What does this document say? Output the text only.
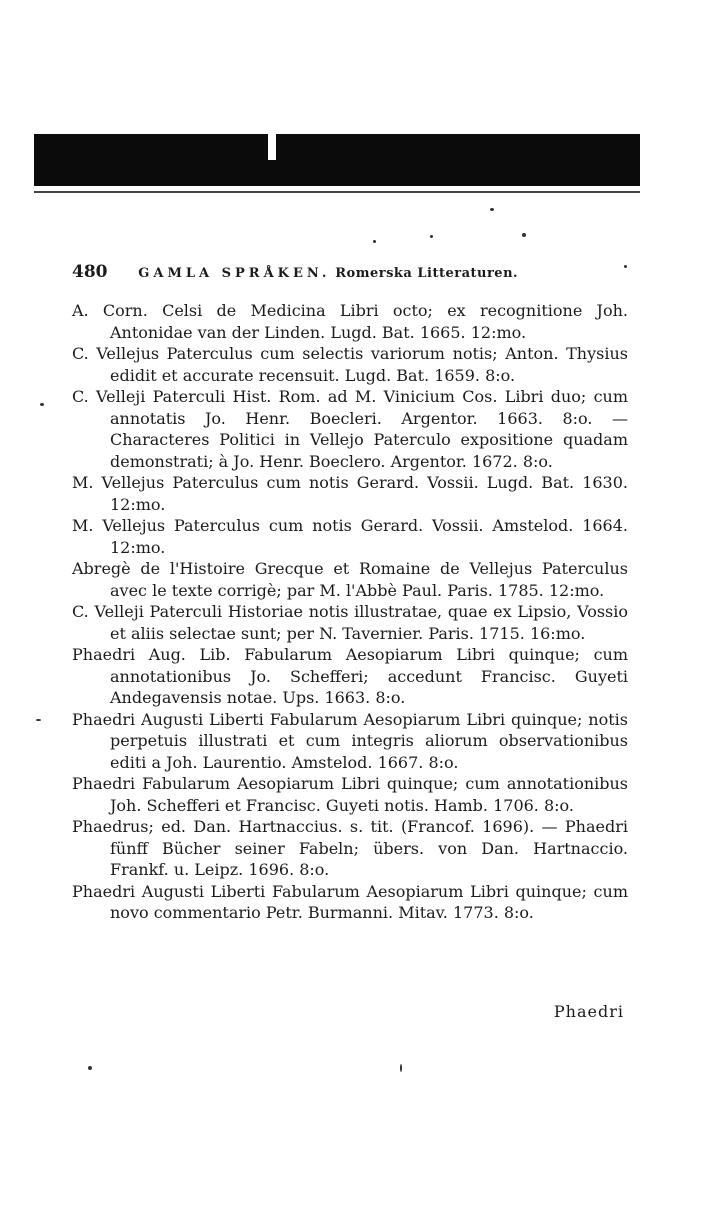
480 GAMLA SPRÅKEN. Romerska Litteraturen.

A. Corn. Celsi de Medicina Libri octo; ex recognitione Joh. Antonidae van der Linden. Lugd. Bat. 1665. 12:mo.

C. Vellejus Paterculus cum selectis variorum notis; Anton. Thysius edidit et accurate recensuit. Lugd. Bat. 1659. 8:o.

C. Velleji Paterculi Hist. Rom. ad M. Vinicium Cos. Libri duo; cum annotatis Jo. Henr. Boecleri. Argentor. 1663. 8:o. — Characteres Politici in Vellejo Paterculo expositione quadam demonstrati; à Jo. Henr. Boeclero. Argentor. 1672. 8:o.

M. Vellejus Paterculus cum notis Gerard. Vossii. Lugd. Bat. 1630. 12:mo.

M. Vellejus Paterculus cum notis Gerard. Vossii. Amstelod. 1664. 12:mo.

Abregè de l'Histoire Grecque et Romaine de Vellejus Paterculus avec le texte corrigè; par M. l'Abbè Paul. Paris. 1785. 12:mo.

C. Velleji Paterculi Historiae notis illustratae, quae ex Lipsio, Vossio et aliis selectae sunt; per N. Tavernier. Paris. 1715. 16:mo.

Phaedri Aug. Lib. Fabularum Aesopiarum Libri quinque; cum annotationibus Jo. Schefferi; accedunt Francisc. Guyeti Andegavensis notae. Ups. 1663. 8:o.

Phaedri Augusti Liberti Fabularum Aesopiarum Libri quinque; notis perpetuis illustrati et cum integris aliorum observationibus editi a Joh. Laurentio. Amstelod. 1667. 8:o.

Phaedri Fabularum Aesopiarum Libri quinque; cum annotationibus Joh. Schefferi et Francisc. Guyeti notis. Hamb. 1706. 8:o.

Phaedrus; ed. Dan. Hartnaccius. s. tit. (Francof. 1696). — Phaedri fünff Bücher seiner Fabeln; übers. von Dan. Hartnaccio. Frankf. u. Leipz. 1696. 8:o.

Phaedri Augusti Liberti Fabularum Aesopiarum Libri quinque; cum novo commentario Petr. Burmanni. Mitav. 1773. 8:o.

Phaedri
